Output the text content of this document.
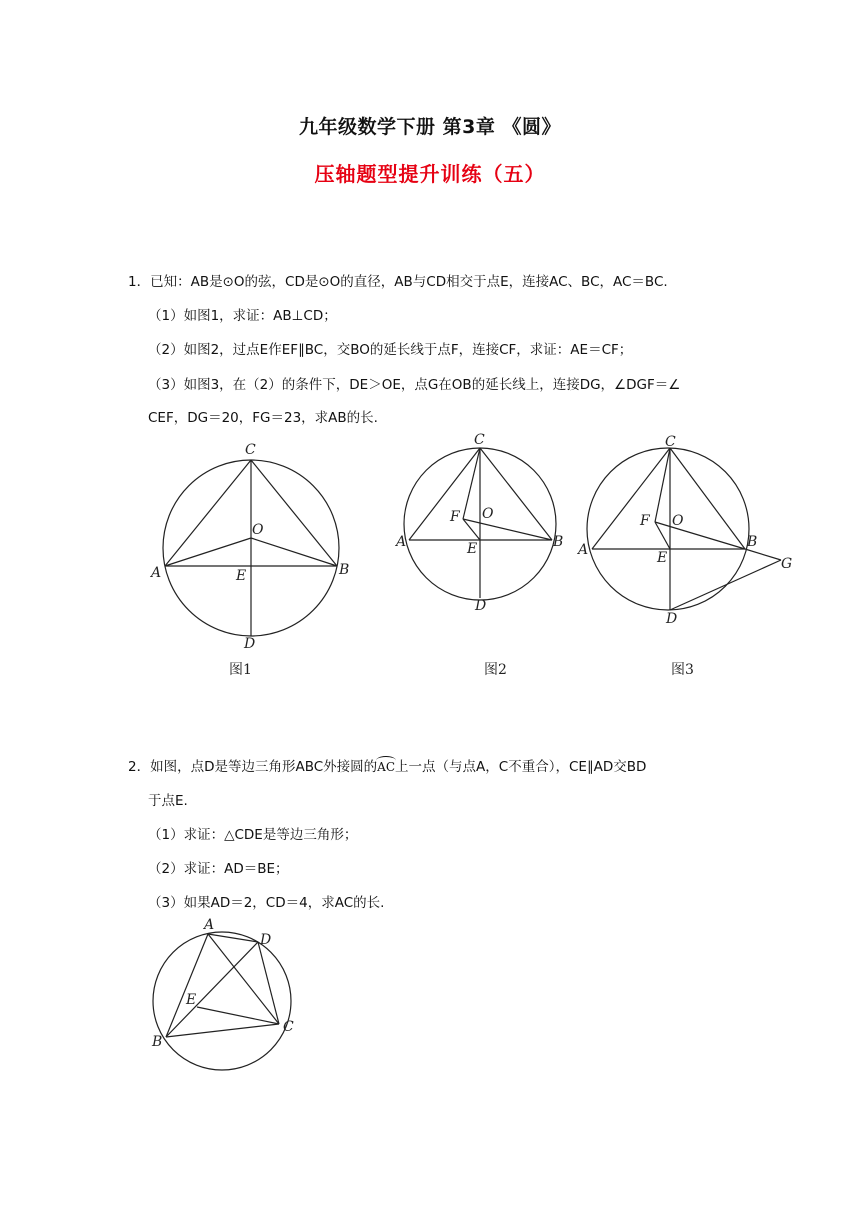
九年级数学下册 第3章 《圆》
压轴题型提升训练（五）
1．已知：AB是⊙O的弦，CD是⊙O的直径，AB与CD相交于点E，连接AC、BC，AC＝BC.
（1）如图1，求证：AB⊥CD；
（2）如图2，过点E作EF∥BC，交BO的延长线于点F，连接CF，求证：AE＝CF；
（3）如图3，在（2）的条件下，DE＞OE，点G在OB的延长线上，连接DG，∠DGF＝∠
CEF，DG＝20，FG＝23，求AB的长.
C
O
A	E	B
D
图1
C
F O
A	E	B
D
图2
C
F O
A	E
B
G
D
图3
2．如图，点D是等边三角形ABC外接圆的AC上一点（与点A，C不重合），CE∥AD交BD
于点E.
（1）求证：△CDE是等边三角形；
（2）求证：AD＝BE；
（3）如果AD＝2，CD＝4，求AC的长.
A
D
E
B
C
